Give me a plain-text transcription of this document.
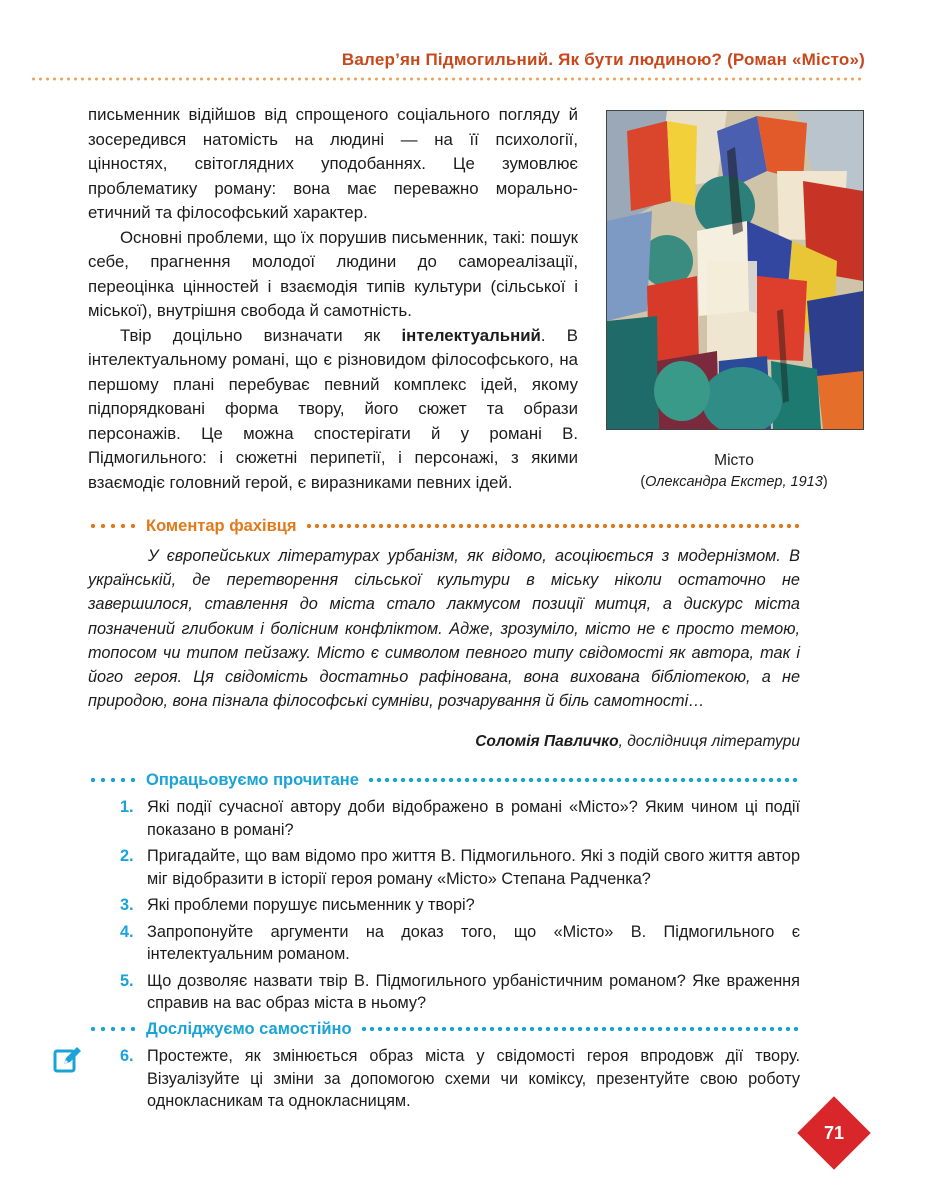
Валер’ян Підмогильний. Як бути людиною? (Роман «Місто»)

письменник відійшов від спрощеного соціального погляду й зосередився натомість на людині — на її психології, цінностях, світоглядних уподобаннях. Це зумовлює проблематику роману: вона має переважно морально-етичний та філософський характер.

Основні проблеми, що їх порушив письменник, такі: пошук себе, прагнення молодої людини до самореалізації, переоцінка цінностей і взаємодія типів культури (сільської і міської), внутрішня свобода й самотність.

Твір доцільно визначати як інтелектуальний. В інтелектуальному романі, що є різновидом філософського, на першому плані перебуває певний комплекс ідей, якому підпорядковані форма твору, його сюжет та образи персонажів. Це можна спостерігати й у романі В. Підмогильного: і сюжетні перипетії, і персонажі, з якими взаємодіє головний герой, є виразниками певних ідей.

Місто
(Олександра Екстер, 1913)
Коментар фахівця

У європейських літературах урбанізм, як відомо, асоціюється з модернізмом. В українській, де перетворення сільської культури в міську ніколи остаточно не завершилося, ставлення до міста стало лакмусом позиції митця, а дискурс міста позначений глибоким і болісним конфліктом. Адже, зрозуміло, місто не є просто темою, топосом чи типом пейзажу. Місто є символом певного типу свідомості як автора, так і його героя. Ця свідомість достатньо рафінована, вона вихована бібліотекою, а не природою, вона пізнала філософські сумніви, розчарування й біль самотності…

Соломія Павличко, дослідниця літератури
Опрацьовуємо прочитане
1. Які події сучасної автору доби відображено в романі «Місто»? Яким чином ці події показано в романі?
2. Пригадайте, що вам відомо про життя В. Підмогильного. Які з подій свого життя автор міг відобразити в історії героя роману «Місто» Степана Радченка?
3. Які проблеми порушує письменник у творі?
4. Запропонуйте аргументи на доказ того, що «Місто» В. Підмогильного є інтелектуальним романом.
5. Що дозволяє назвати твір В. Підмогильного урбаністичним романом? Яке враження справив на вас образ міста в ньому?
Досліджуємо самостійно
6. Простежте, як змінюється образ міста у свідомості героя впродовж дії твору. Візуалізуйте ці зміни за допомогою схеми чи коміксу, презентуйте свою роботу однокласникам та однокласницям.
71
